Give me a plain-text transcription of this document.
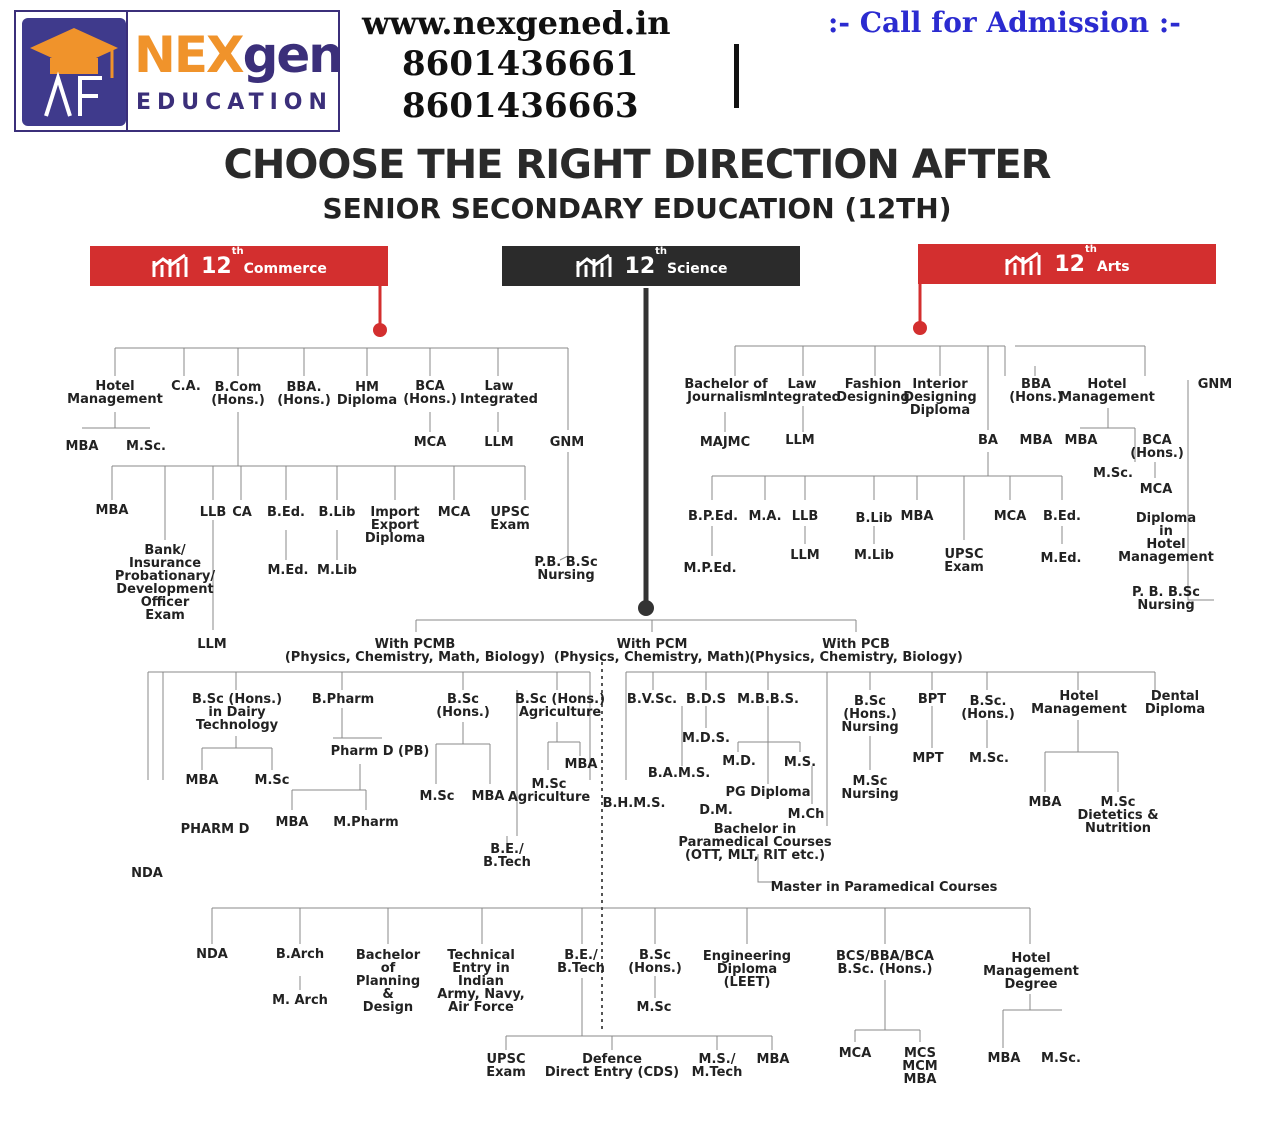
NEXgen
EDUCATION
www.nexgened.in
8601436661
8601436663
:- Call for Admission :-
CHOOSE THE RIGHT DIRECTION AFTER
SENIOR SECONDARY EDUCATION (12TH)
12thCommerce	12thScience	12thArts
Hotel
Management
C.A. B.Com
(Hons.)
BBA.
(Hons.)
HM
Diploma
BCA
(Hons.)
Law
Integrated
MBA M.Sc.	MCA	LLM	GNM
MBA	LLB CA B.Ed. B.Lib	Import
Export
Diploma
MCA UPSC
Exam
Bank/
Insurance
Probationary/
Development
Officer
Exam
M.Ed. M.Lib
P.B. B.Sc
Nursing
LLM
Bachelor of
Journalism
Law
Integrated
Fashion
Designing
Interior
Designing
Diploma
BBA
(Hons.)
Hotel
Management
GNM
MAJMC	LLM	BA MBA MBA	BCA
(Hons.)
M.Sc.
MCA
B.P.Ed. M.A. LLB	B.Lib MBA	MCA B.Ed.	Diploma
in
Hotel
Management
LLM	M.Lib	UPSC
Exam
M.Ed.
M.P.Ed.
P. B. B.Sc
Nursing
With PCMB
(Physics, Chemistry, Math, Biology)
With PCM
(Physics, Chemistry, Math)
With PCB
(Physics, Chemistry, Biology)
B.Sc (Hons.)
in Dairy
Technology
B.Pharm	B.Sc
(Hons.)
B.Sc (Hons.)
Agriculture
Pharm D (PB)
MBA	M.Sc
MBA
M.Sc MBA
M.Sc
Agriculture
PHARM D MBA M.Pharm
B.E./
B.Tech
NDA
B.V.Sc. B.D.S M.B.B.S.
M.D.S.
B.A.M.S.
M.D. M.S.
PG Diploma
B.H.M.S.	D.M.	M.Ch
Bachelor in
Paramedical Courses
(OTT, MLT, RIT etc.)
Master in Paramedical Courses
B.Sc
(Hons.)
Nursing
BPT	B.Sc.
(Hons.)
Hotel
Management
Dental
Diploma
MPT M.Sc.
M.Sc
Nursing
MBA	M.Sc
Dietetics &
Nutrition
NDA	B.Arch Bachelor
of
Planning
&
Design
Technical
Entry in
Indian
Army, Navy,
Air Force
B.E./
B.Tech
B.Sc
(Hons.)
Engineering
Diploma
(LEET)
BCS/BBA/BCA
B.Sc. (Hons.)
Hotel
Management
Degree
M. Arch	M.Sc
UPSC
Exam
Defence
Direct Entry (CDS)
M.S./
M.Tech
MBA	MCA	MCS
MCM
MBA
MBA M.Sc.
